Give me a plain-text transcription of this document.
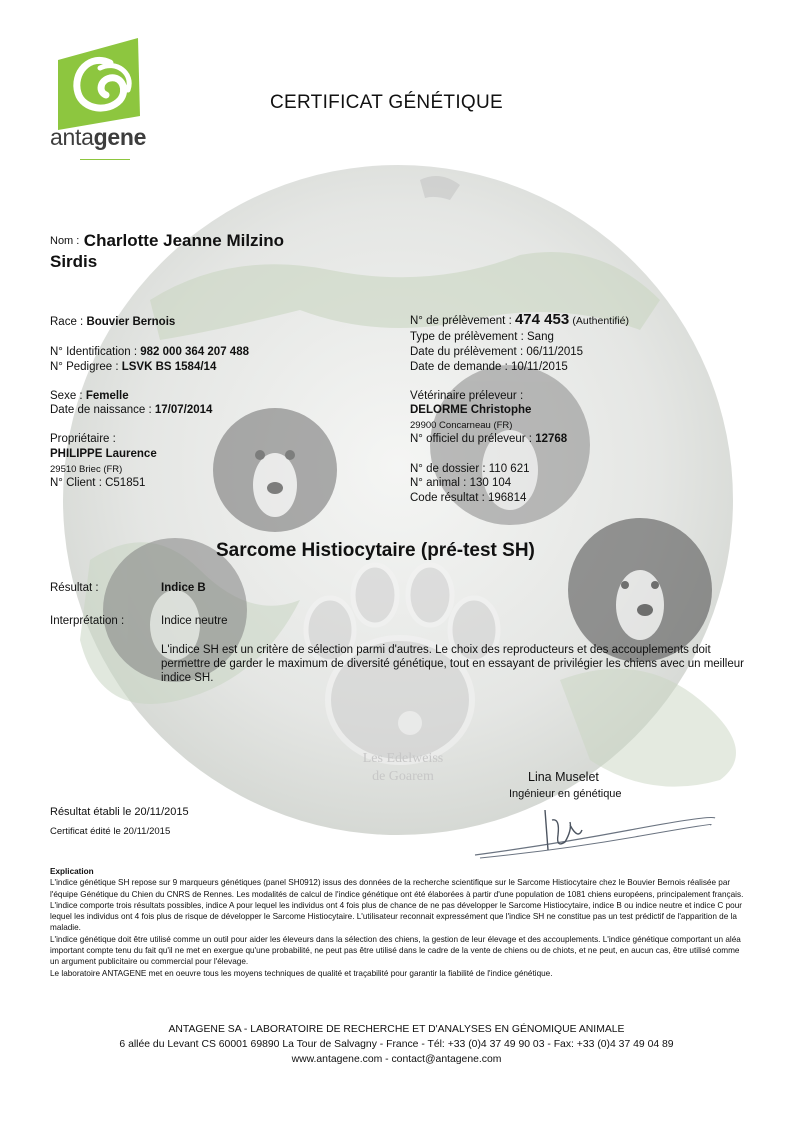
Les Edelweiss
de Goarem
antagene
CERTIFICAT GÉNÉTIQUE
Nom : Charlotte Jeanne Milzino
Sirdis
Race : Bouvier Bernois
N° Identification : 982 000 364 207 488
N° Pedigree : LSVK BS 1584/14
Sexe : Femelle
Date de naissance : 17/07/2014
Propriétaire :
PHILIPPE Laurence
29510 Briec (FR)
N° Client : C51851
N° de prélèvement : 474 453 (Authentifié)
Type de prélèvement : Sang
Date du prélèvement : 06/11/2015
Date de demande : 10/11/2015
Vétérinaire préleveur :
DELORME Christophe
29900 Concarneau (FR)
N° officiel du préleveur : 12768
N° de dossier : 110 621
N° animal : 130 104
Code résultat : 196814
Sarcome Histiocytaire (pré-test SH)
Résultat :	Indice B
Interprétation :	Indice neutre
L'indice SH est un critère de sélection parmi d'autres. Le choix des reproducteurs et des accouplements doit permettre de garder le maximum de diversité génétique, tout en essayant de privilégier les chiens avec un meilleur indice SH.
Lina Muselet
Ingénieur en génétique
Résultat établi le 20/11/2015
Certificat édité le 20/11/2015
Explication
L'indice génétique SH repose sur 9 marqueurs génétiques (panel SH0912) issus des données de la recherche scientifique sur le Sarcome Histiocytaire chez le Bouvier Bernois réalisée par l'équipe Génétique du Chien du CNRS de Rennes. Les modalités de calcul de l'indice génétique ont été élaborées à partir d'une population de 1081 chiens européens, principalement français. L'indice comporte trois résultats possibles, indice A pour lequel les individus ont 4 fois plus de chance de ne pas développer le Sarcome Histiocytaire, indice B ou indice neutre et indice C pour lequel les individus ont 4 fois plus de risque de développer le Sarcome Histiocytaire. L'utilisateur reconnait expressément que l'indice SH ne constitue pas un test prédictif de l'apparition de la maladie.
L'indice génétique doit être utilisé comme un outil pour aider les éleveurs dans la sélection des chiens, la gestion de leur élevage et des accouplements. L'indice génétique comportant un aléa important compte tenu du fait qu'il ne met en exergue qu'une probabilité, ne peut pas être utilisé dans le cadre de la vente de chiens ou de chiots, et ne peut, en aucun cas, être utilisé comme un argument publicitaire ou commercial pour l'élevage.
Le laboratoire ANTAGENE met en oeuvre tous les moyens techniques de qualité et traçabilité pour garantir la fiabilité de l'indice génétique.
ANTAGENE SA - LABORATOIRE DE RECHERCHE ET D'ANALYSES EN GÉNOMIQUE ANIMALE
6 allée du Levant CS 60001 69890 La Tour de Salvagny - France - Tél: +33 (0)4 37 49 90 03 - Fax: +33 (0)4 37 49 04 89
www.antagene.com - contact@antagene.com
